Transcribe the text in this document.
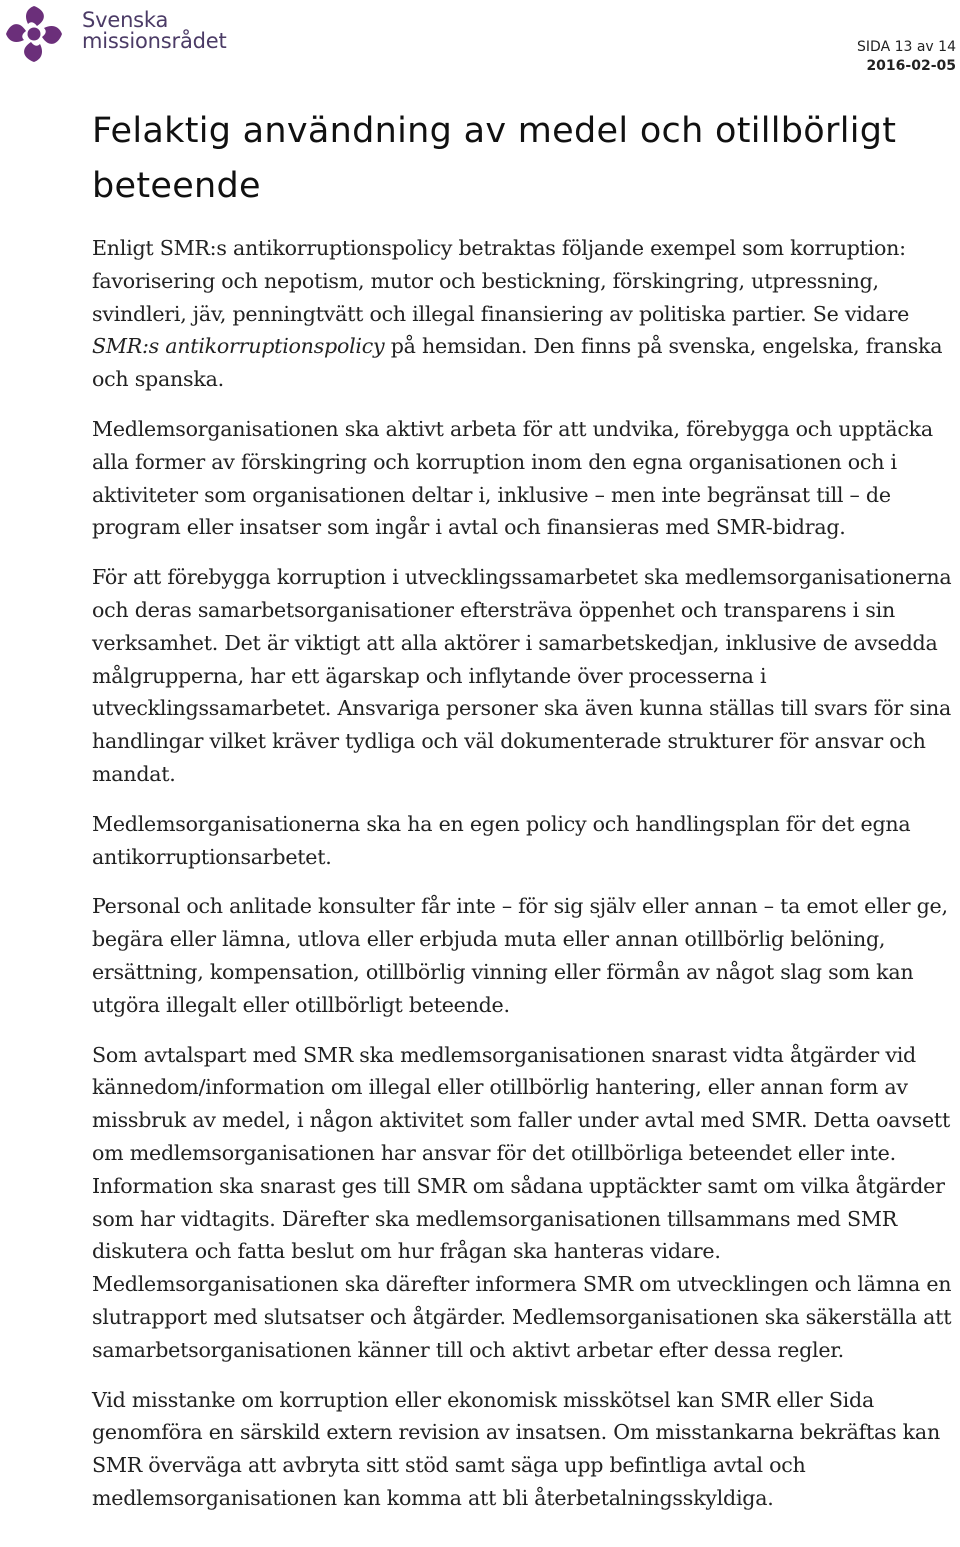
Svenska
missionsrådet	SIDA 13 av 14
2016-02-05
Felaktig användning av medel och otillbörligt beteende

Enligt SMR:s antikorruptionspolicy betraktas följande exempel som korruption: favorisering och nepotism, mutor och bestickning, förskingring, utpressning, svindleri, jäv, penningtvätt och illegal finansiering av politiska partier. Se vidare SMR:s antikorruptionspolicy på hemsidan. Den finns på svenska, engelska, franska och spanska.

Medlemsorganisationen ska aktivt arbeta för att undvika, förebygga och upptäcka alla former av förskingring och korruption inom den egna organisationen och i aktiviteter som organisationen deltar i, inklusive – men inte begränsat till – de program eller insatser som ingår i avtal och finansieras med SMR-bidrag.

För att förebygga korruption i utvecklingssamarbetet ska medlemsorganisationerna och deras samarbetsorganisationer eftersträva öppenhet och transparens i sin verksamhet. Det är viktigt att alla aktörer i samarbetskedjan, inklusive de avsedda målgrupperna, har ett ägarskap och inflytande över processerna i utvecklingssamarbetet. Ansvariga personer ska även kunna ställas till svars för sina handlingar vilket kräver tydliga och väl dokumenterade strukturer för ansvar och mandat.

Medlemsorganisationerna ska ha en egen policy och handlingsplan för det egna antikorruptionsarbetet.

Personal och anlitade konsulter får inte – för sig själv eller annan – ta emot eller ge, begära eller lämna, utlova eller erbjuda muta eller annan otillbörlig belöning, ersättning, kompensation, otillbörlig vinning eller förmån av något slag som kan utgöra illegalt eller otillbörligt beteende.

Som avtalspart med SMR ska medlemsorganisationen snarast vidta åtgärder vid kännedom/information om illegal eller otillbörlig hantering, eller annan form av missbruk av medel, i någon aktivitet som faller under avtal med SMR. Detta oavsett om medlemsorganisationen har ansvar för det otillbörliga beteendet eller inte. Information ska snarast ges till SMR om sådana upptäckter samt om vilka åtgärder som har vidtagits. Därefter ska medlemsorganisationen tillsammans med SMR diskutera och fatta beslut om hur frågan ska hanteras vidare. Medlemsorganisationen ska därefter informera SMR om utvecklingen och lämna en slutrapport med slutsatser och åtgärder. Medlemsorganisationen ska säkerställa att samarbetsorganisationen känner till och aktivt arbetar efter dessa regler.

Vid misstanke om korruption eller ekonomisk misskötsel kan SMR eller Sida genomföra en särskild extern revision av insatsen. Om misstankarna bekräftas kan SMR överväga att avbryta sitt stöd samt säga upp befintliga avtal och medlemsorganisationen kan komma att bli återbetalningsskyldiga.
